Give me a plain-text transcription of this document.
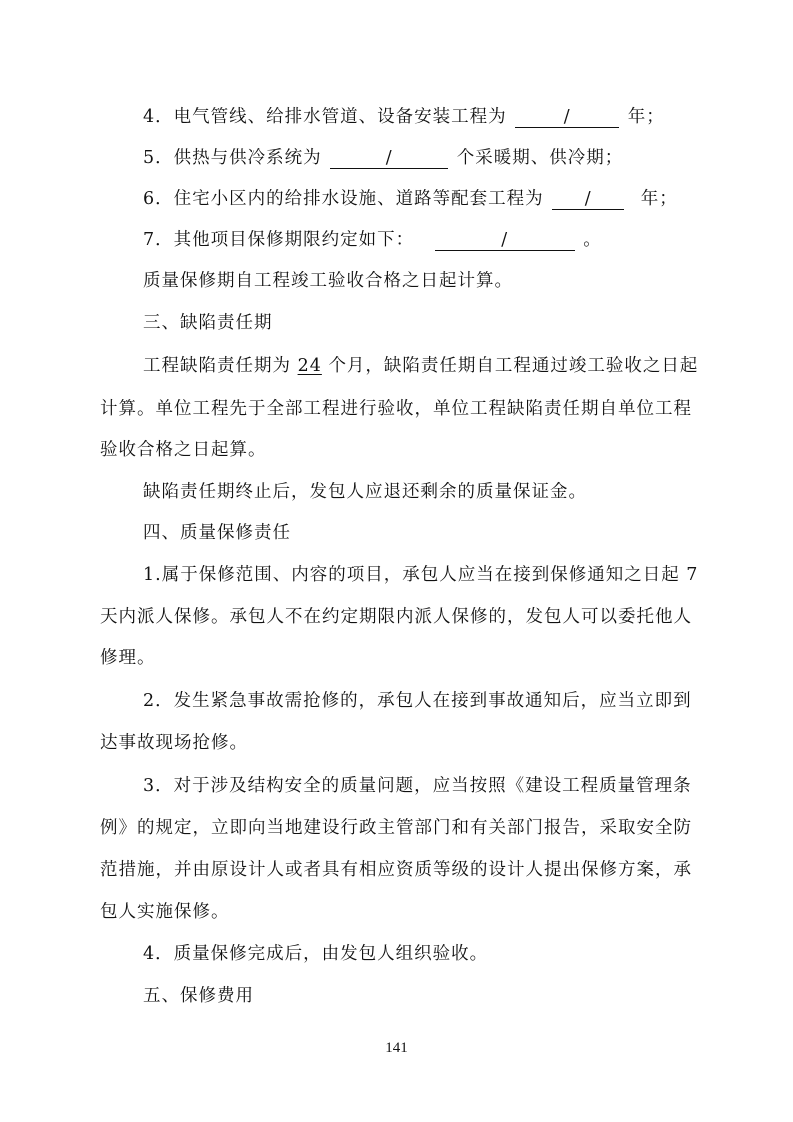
4．电气管线、给排水管道、设备安装工程为	/	年；
5．供热与供冷系统为	/	个采暖期、供冷期；
6．住宅小区内的给排水设施、道路等配套工程为 /	年；
7．其他项目保修期限约定如下：	/	。
质量保修期自工程竣工验收合格之日起计算。
三、缺陷责任期
工程缺陷责任期为 24 个月，缺陷责任期自工程通过竣工验收之日起
计算。单位工程先于全部工程进行验收，单位工程缺陷责任期自单位工程
验收合格之日起算。
缺陷责任期终止后，发包人应退还剩余的质量保证金。
四、质量保修责任
1.属于保修范围、内容的项目，承包人应当在接到保修通知之日起 7
天内派人保修。承包人不在约定期限内派人保修的，发包人可以委托他人
修理。
2．发生紧急事故需抢修的，承包人在接到事故通知后，应当立即到
达事故现场抢修。
3．对于涉及结构安全的质量问题，应当按照《建设工程质量管理条
例》的规定，立即向当地建设行政主管部门和有关部门报告，采取安全防
范措施，并由原设计人或者具有相应资质等级的设计人提出保修方案，承
包人实施保修。
4．质量保修完成后，由发包人组织验收。
五、保修费用
141
